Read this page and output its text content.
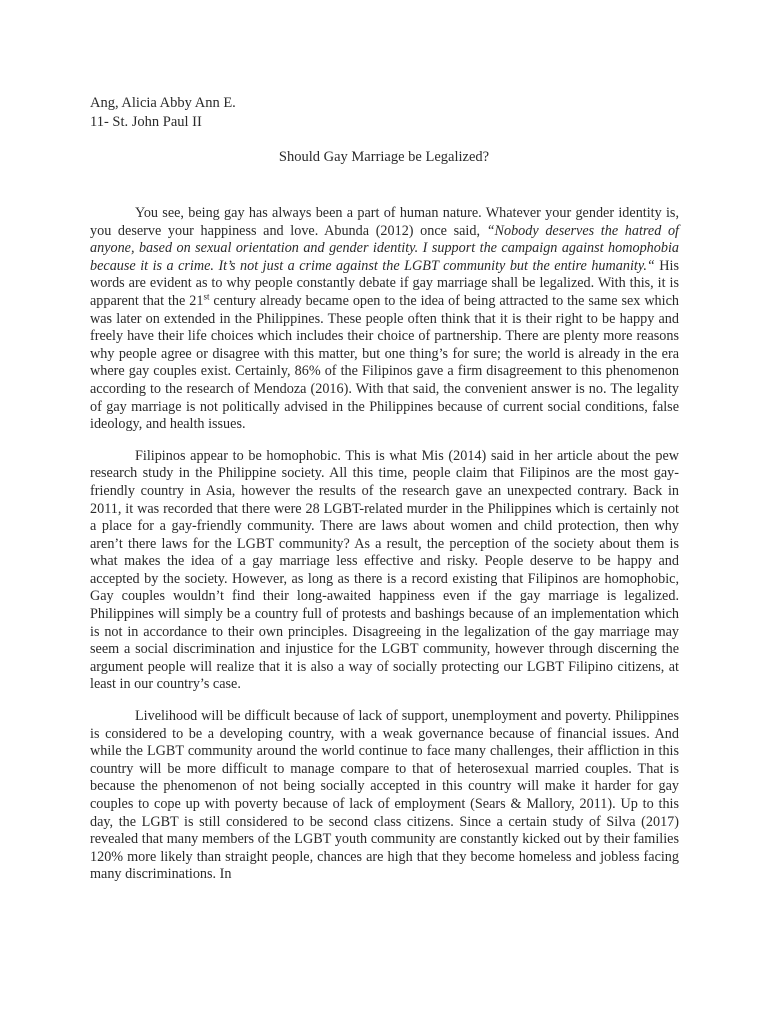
Ang, Alicia Abby Ann E.
11- St. John Paul II
Should Gay Marriage be Legalized?

You see, being gay has always been a part of human nature. Whatever your gender identity is, you deserve your happiness and love. Abunda (2012) once said, “Nobody deserves the hatred of anyone, based on sexual orientation and gender identity. I support the campaign against homophobia because it is a crime. It’s not just a crime against the LGBT community but the entire humanity.“ His words are evident as to why people constantly debate if gay marriage shall be legalized. With this, it is apparent that the 21st century already became open to the idea of being attracted to the same sex which was later on extended in the Philippines. These people often think that it is their right to be happy and freely have their life choices which includes their choice of partnership. There are plenty more reasons why people agree or disagree with this matter, but one thing’s for sure; the world is already in the era where gay couples exist. Certainly, 86% of the Filipinos gave a firm disagreement to this phenomenon according to the research of Mendoza (2016). With that said, the convenient answer is no. The legality of gay marriage is not politically advised in the Philippines because of current social conditions, false ideology, and health issues.

Filipinos appear to be homophobic. This is what Mis (2014) said in her article about the pew research study in the Philippine society. All this time, people claim that Filipinos are the most gay-friendly country in Asia, however the results of the research gave an unexpected contrary. Back in 2011, it was recorded that there were 28 LGBT-related murder in the Philippines which is certainly not a place for a gay-friendly community. There are laws about women and child protection, then why aren’t there laws for the LGBT community? As a result, the perception of the society about them is what makes the idea of a gay marriage less effective and risky. People deserve to be happy and accepted by the society. However, as long as there is a record existing that Filipinos are homophobic, Gay couples wouldn’t find their long-awaited happiness even if the gay marriage is legalized. Philippines will simply be a country full of protests and bashings because of an implementation which is not in accordance to their own principles. Disagreeing in the legalization of the gay marriage may seem a social discrimination and injustice for the LGBT community, however through discerning the argument people will realize that it is also a way of socially protecting our LGBT Filipino citizens, at least in our country’s case.

Livelihood will be difficult because of lack of support, unemployment and poverty. Philippines is considered to be a developing country, with a weak governance because of financial issues. And while the LGBT community around the world continue to face many challenges, their affliction in this country will be more difficult to manage compare to that of heterosexual married couples. That is because the phenomenon of not being socially accepted in this country will make it harder for gay couples to cope up with poverty because of lack of employment (Sears & Mallory, 2011). Up to this day, the LGBT is still considered to be second class citizens. Since a certain study of Silva (2017) revealed that many members of the LGBT youth community are constantly kicked out by their families 120% more likely than straight people, chances are high that they become homeless and jobless facing many discriminations. In
